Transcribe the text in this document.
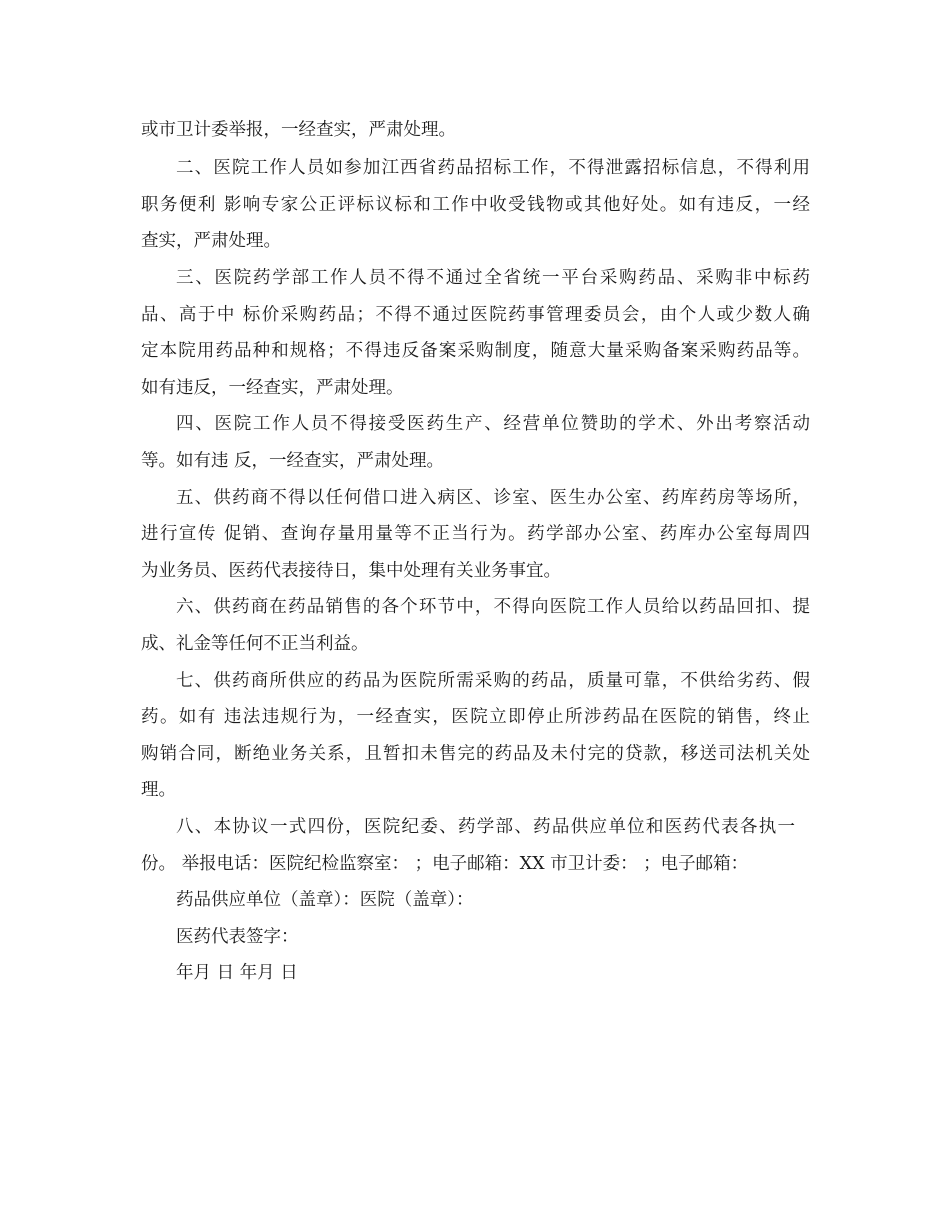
或市卫计委举报，一经查实，严肃处理。

二、医院工作人员如参加江西省药品招标工作，不得泄露招标信息，不得利用

职务便利 影响专家公正评标议标和工作中收受钱物或其他好处。如有违反，一经

查实，严肃处理。

三、医院药学部工作人员不得不通过全省统一平台采购药品、采购非中标药

品、高于中 标价采购药品；不得不通过医院药事管理委员会，由个人或少数人确

定本院用药品种和规格；不得违反备案采购制度，随意大量采购备案采购药品等。

如有违反，一经查实，严肃处理。

四、医院工作人员不得接受医药生产、经营单位赞助的学术、外出考察活动

等。如有违 反，一经查实，严肃处理。

五、供药商不得以任何借口进入病区、诊室、医生办公室、药库药房等场所，

进行宣传 促销、查询存量用量等不正当行为。药学部办公室、药库办公室每周四

为业务员、医药代表接待日，集中处理有关业务事宜。

六、供药商在药品销售的各个环节中，不得向医院工作人员给以药品回扣、提

成、礼金等任何不正当利益。

七、供药商所供应的药品为医院所需采购的药品，质量可靠，不供给劣药、假

药。如有 违法违规行为，一经查实，医院立即停止所涉药品在医院的销售，终止

购销合同，断绝业务关系，且暂扣未售完的药品及未付完的贷款，移送司法机关处

理。

八、本协议一式四份，医院纪委、药学部、药品供应单位和医药代表各执一

份。 举报电话：医院纪检监察室： ；电子邮箱：XX 市卫计委： ；电子邮箱：

药品供应单位（盖章）：医院（盖章）：

医药代表签字：

年月 日 年月 日
